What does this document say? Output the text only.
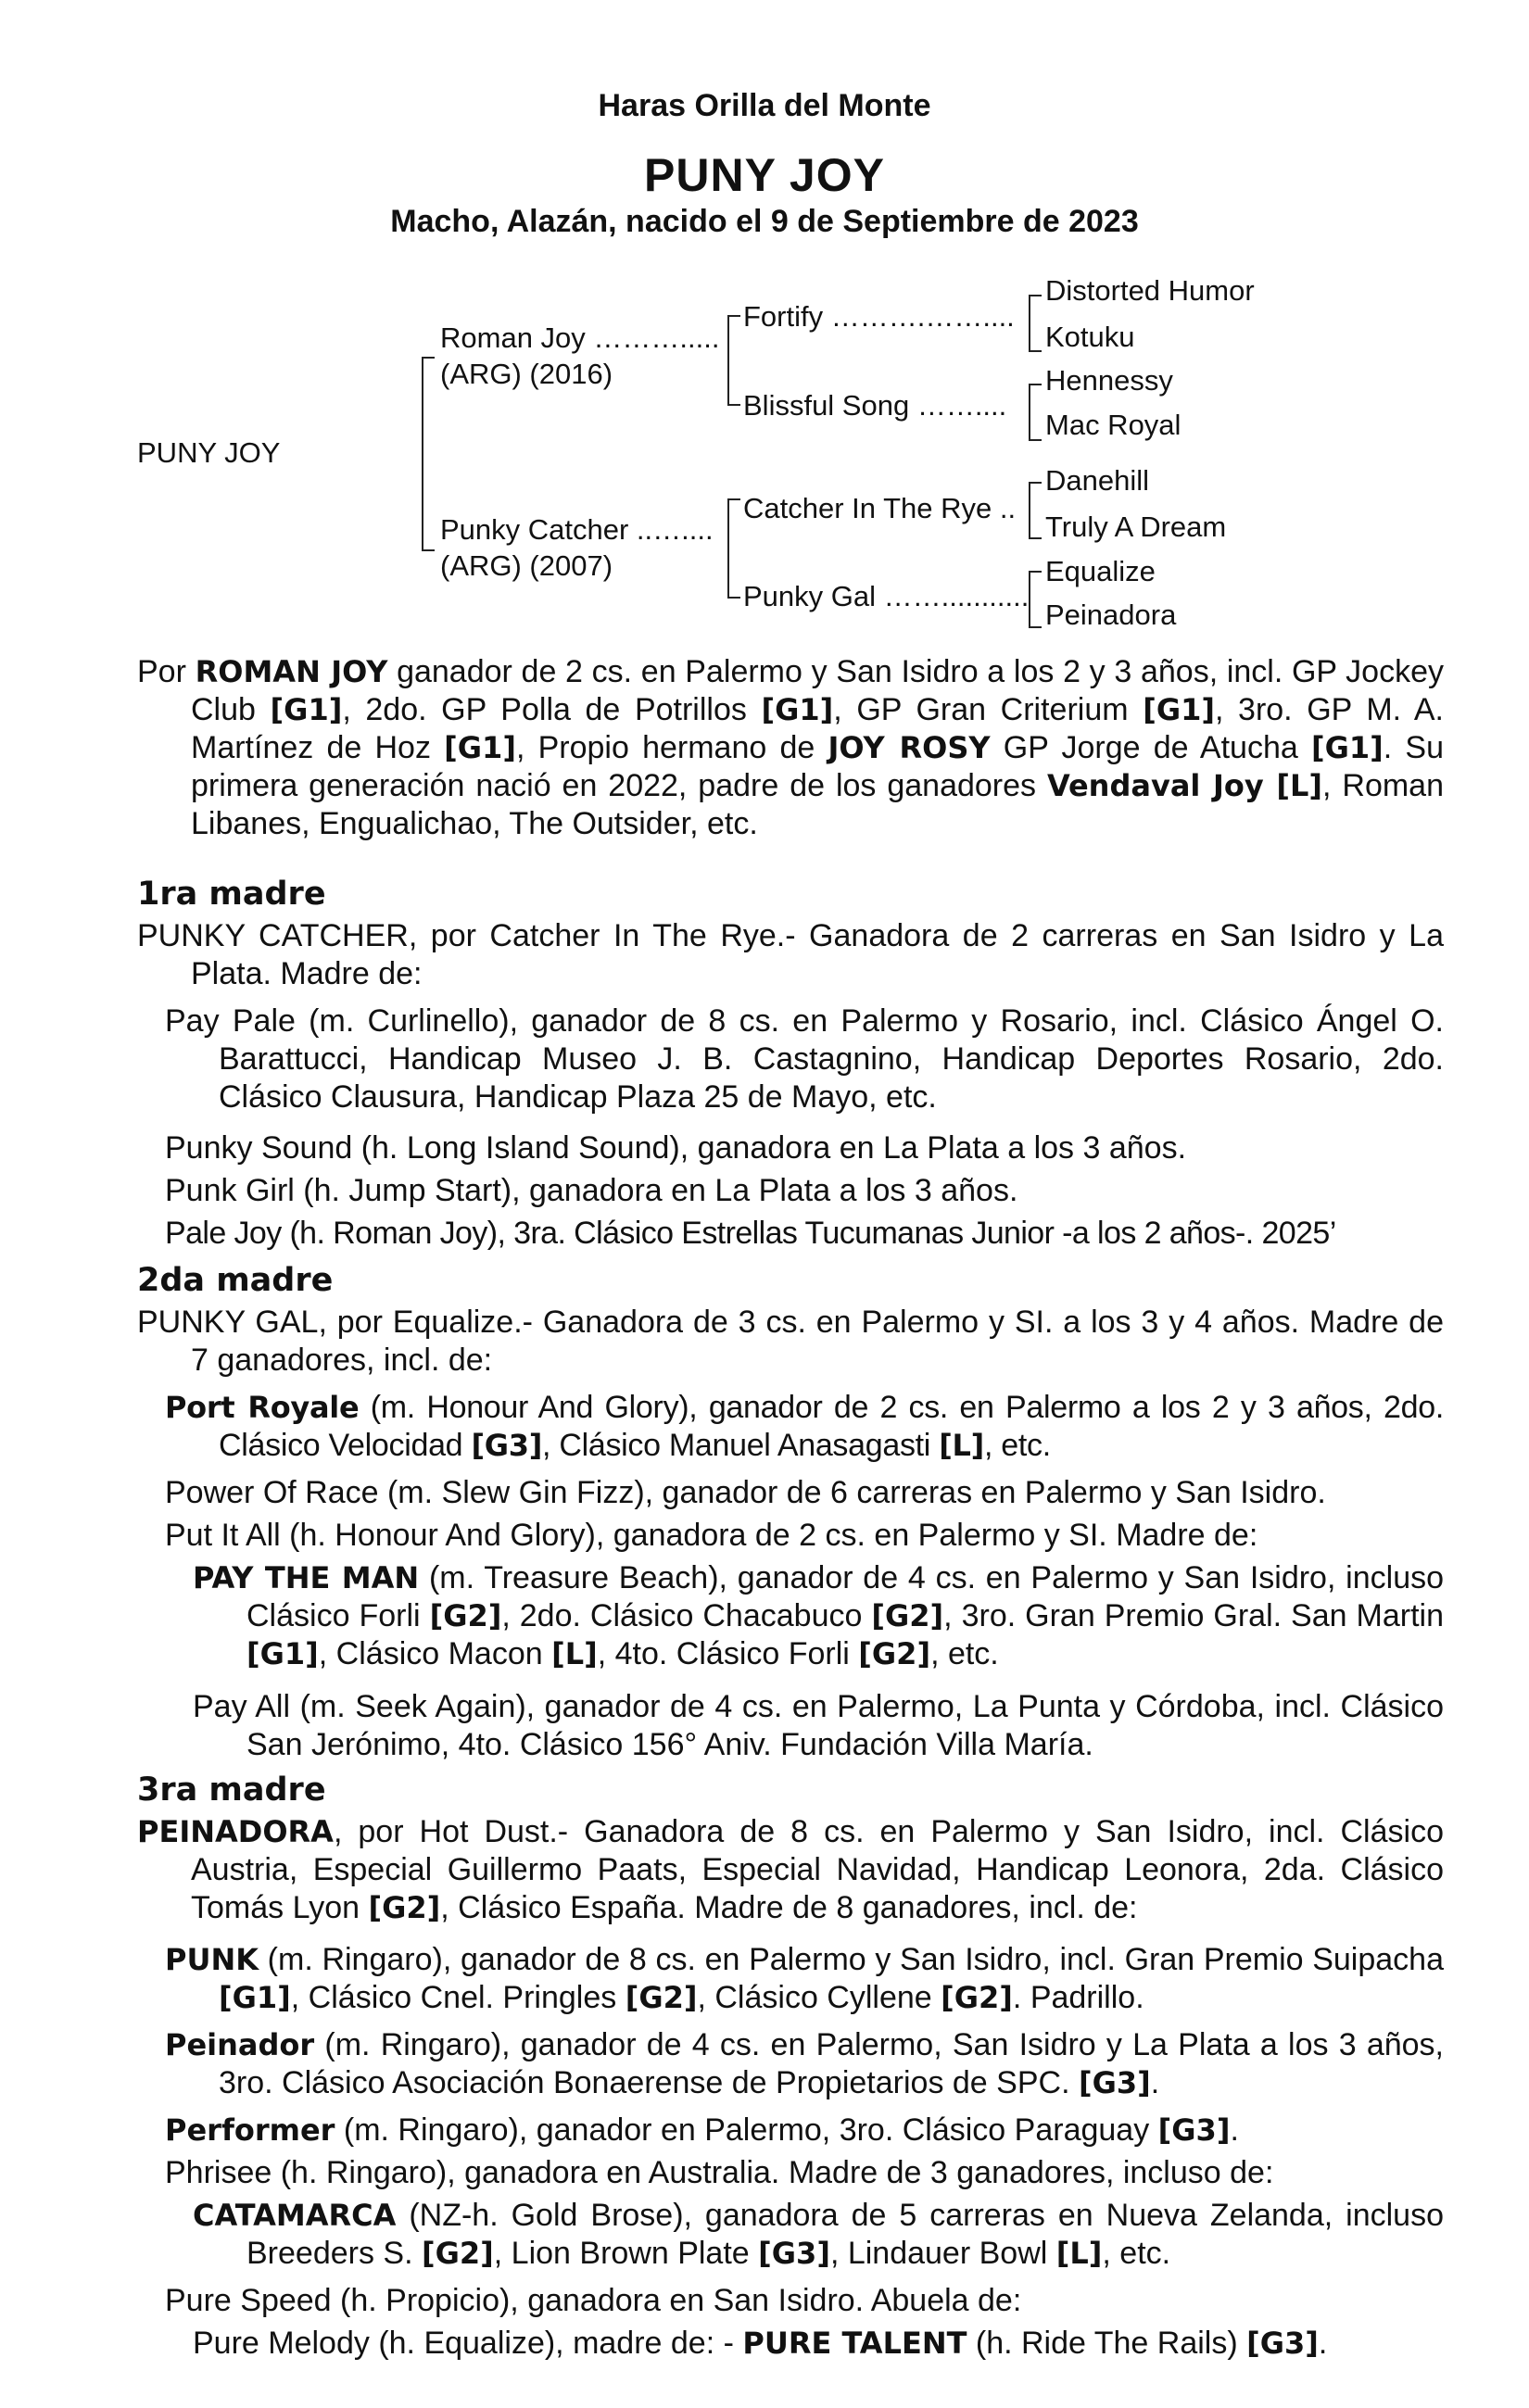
Haras Orilla del Monte
PUNY JOY
Macho, Alazán, nacido el 9 de Septiembre de 2023
PUNY JOY
Roman Joy ……….....
(ARG) (2016)
Punky Catcher ..…....
(ARG) (2007)
Fortify ……….……....
Blissful Song ……....
Catcher In The Rye ..
Punky Gal ……...........
Distorted Humor
Kotuku
Hennessy
Mac Royal
Danehill
Truly A Dream
Equalize
Peinadora
Por ROMAN JOY ganador de 2 cs. en Palermo y San Isidro a los 2 y 3 años, incl. GP Jockey Club [G1], 2do. GP Polla de Potrillos [G1], GP Gran Criterium [G1], 3ro. GP M. A. Martínez de Hoz [G1], Propio hermano de JOY ROSY GP Jorge de Atucha [G1]. Su primera generación nació en 2022, padre de los ganadores Vendaval Joy [L], Roman Libanes, Engualichao, The Outsider, etc.
1ra madre
PUNKY CATCHER, por Catcher In The Rye.- Ganadora de 2 carreras en San Isidro y La Plata. Madre de:
Pay Pale (m. Curlinello), ganador de 8 cs. en Palermo y Rosario, incl. Clásico Ángel O. Barattucci, Handicap Museo J. B. Castagnino, Handicap Deportes Rosario, 2do. Clásico Clausura, Handicap Plaza 25 de Mayo, etc.
Punky Sound (h. Long Island Sound), ganadora en La Plata a los 3 años.
Punk Girl (h. Jump Start), ganadora en La Plata a los 3 años.
Pale Joy (h. Roman Joy), 3ra. Clásico Estrellas Tucumanas Junior -a los 2 años-. 2025’
2da madre
PUNKY GAL, por Equalize.- Ganadora de 3 cs. en Palermo y SI. a los 3 y 4 años. Madre de 7 ganadores, incl. de:
Port Royale (m. Honour And Glory), ganador de 2 cs. en Palermo a los 2 y 3 años, 2do. Clásico Velocidad [G3], Clásico Manuel Anasagasti [L], etc.
Power Of Race (m. Slew Gin Fizz), ganador de 6 carreras en Palermo y San Isidro.
Put It All (h. Honour And Glory), ganadora de 2 cs. en Palermo y SI. Madre de:
PAY THE MAN (m. Treasure Beach), ganador de 4 cs. en Palermo y San Isidro, incluso Clásico Forli [G2], 2do. Clásico Chacabuco [G2], 3ro. Gran Premio Gral. San Martin [G1], Clásico Macon [L], 4to. Clásico Forli [G2], etc.
Pay All (m. Seek Again), ganador de 4 cs. en Palermo, La Punta y Córdoba, incl. Clásico San Jerónimo, 4to. Clásico 156° Aniv. Fundación Villa María.
3ra madre
PEINADORA, por Hot Dust.- Ganadora de 8 cs. en Palermo y San Isidro, incl. Clásico Austria, Especial Guillermo Paats, Especial Navidad, Handicap Leonora, 2da. Clásico Tomás Lyon [G2], Clásico España. Madre de 8 ganadores, incl. de:
PUNK (m. Ringaro), ganador de 8 cs. en Palermo y San Isidro, incl. Gran Premio Suipacha [G1], Clásico Cnel. Pringles [G2], Clásico Cyllene [G2]. Padrillo.
Peinador (m. Ringaro), ganador de 4 cs. en Palermo, San Isidro y La Plata a los 3 años, 3ro. Clásico Asociación Bonaerense de Propietarios de SPC. [G3].
Performer (m. Ringaro), ganador en Palermo, 3ro. Clásico Paraguay [G3].
Phrisee (h. Ringaro), ganadora en Australia. Madre de 3 ganadores, incluso de:
CATAMARCA (NZ-h. Gold Brose), ganadora de 5 carreras en Nueva Zelanda, incluso Breeders S. [G2], Lion Brown Plate [G3], Lindauer Bowl [L], etc.
Pure Speed (h. Propicio), ganadora en San Isidro. Abuela de:
Pure Melody (h. Equalize), madre de: - PURE TALENT (h. Ride The Rails) [G3].
